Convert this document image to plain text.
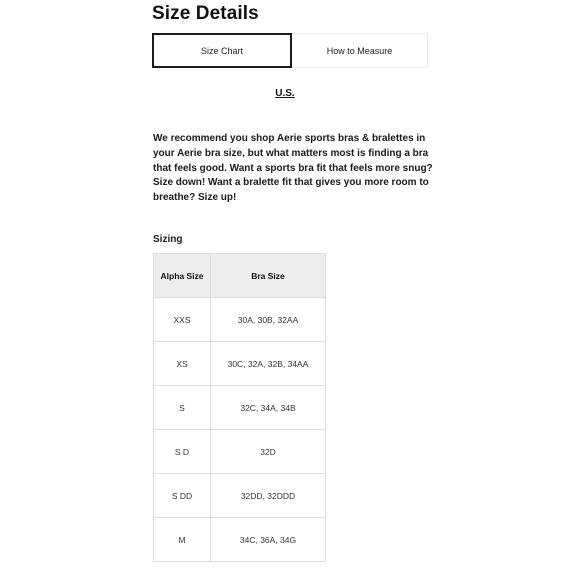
Size Details
Size Chart	How to Measure
U.S.
We recommend you shop Aerie sports bras & bralettes in your Aerie bra size, but what matters most is finding a bra that feels good. Want a sports bra fit that feels more snug? Size down! Want a bralette fit that gives you more room to breathe? Size up!
Sizing
Alpha Size	Bra Size
XXS	30A, 30B, 32AA
XS	30C, 32A, 32B, 34AA
S	32C, 34A, 34B
S D	32D
S DD	32DD, 32DDD
M	34C, 36A, 34G
